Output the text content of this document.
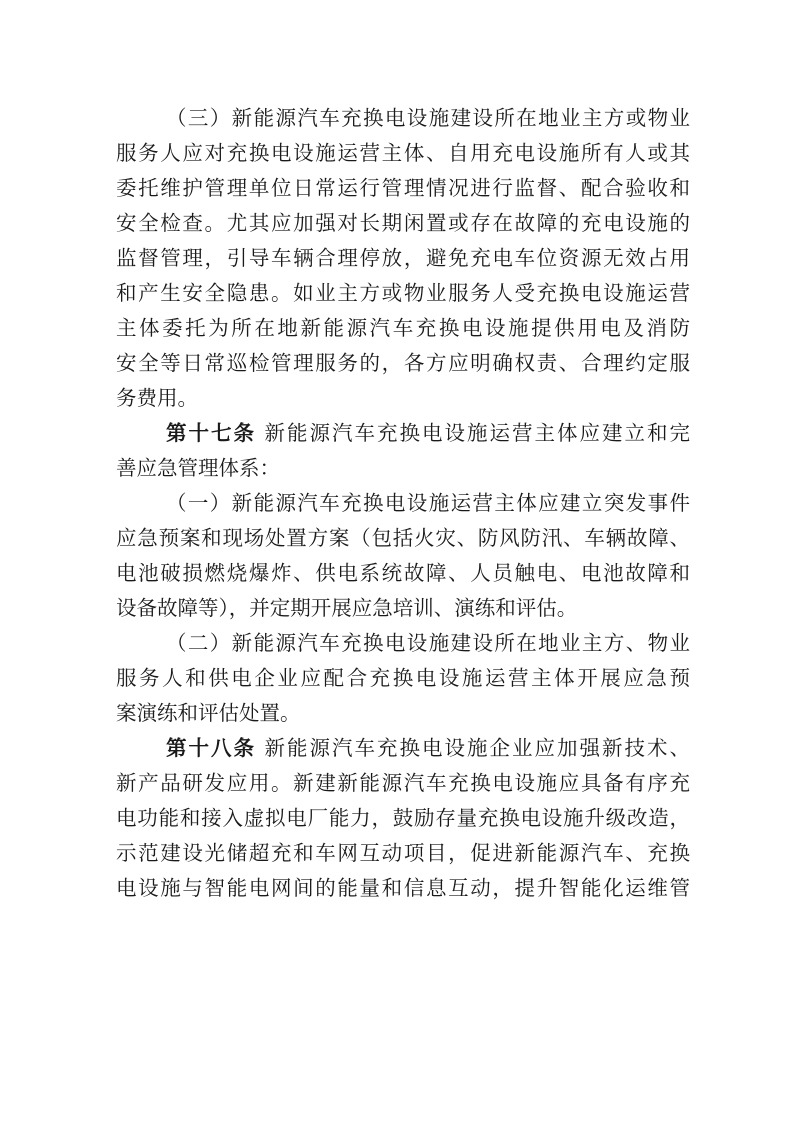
（三）新能源汽车充换电设施建设所在地业主方或物业
服务人应对充换电设施运营主体、自用充电设施所有人或其
委托维护管理单位日常运行管理情况进行监督、配合验收和
安全检查。尤其应加强对长期闲置或存在故障的充电设施的
监督管理，引导车辆合理停放，避免充电车位资源无效占用
和产生安全隐患。如业主方或物业服务人受充换电设施运营
主体委托为所在地新能源汽车充换电设施提供用电及消防
安全等日常巡检管理服务的，各方应明确权责、合理约定服
务费用。
第十七条 新能源汽车充换电设施运营主体应建立和完
善应急管理体系：
（一）新能源汽车充换电设施运营主体应建立突发事件
应急预案和现场处置方案（包括火灾、防风防汛、车辆故障、
电池破损燃烧爆炸、供电系统故障、人员触电、电池故障和
设备故障等），并定期开展应急培训、演练和评估。
（二）新能源汽车充换电设施建设所在地业主方、物业
服务人和供电企业应配合充换电设施运营主体开展应急预
案演练和评估处置。
第十八条 新能源汽车充换电设施企业应加强新技术、
新产品研发应用。新建新能源汽车充换电设施应具备有序充
电功能和接入虚拟电厂能力，鼓励存量充换电设施升级改造，
示范建设光储超充和车网互动项目，促进新能源汽车、充换
电设施与智能电网间的能量和信息互动，提升智能化运维管
